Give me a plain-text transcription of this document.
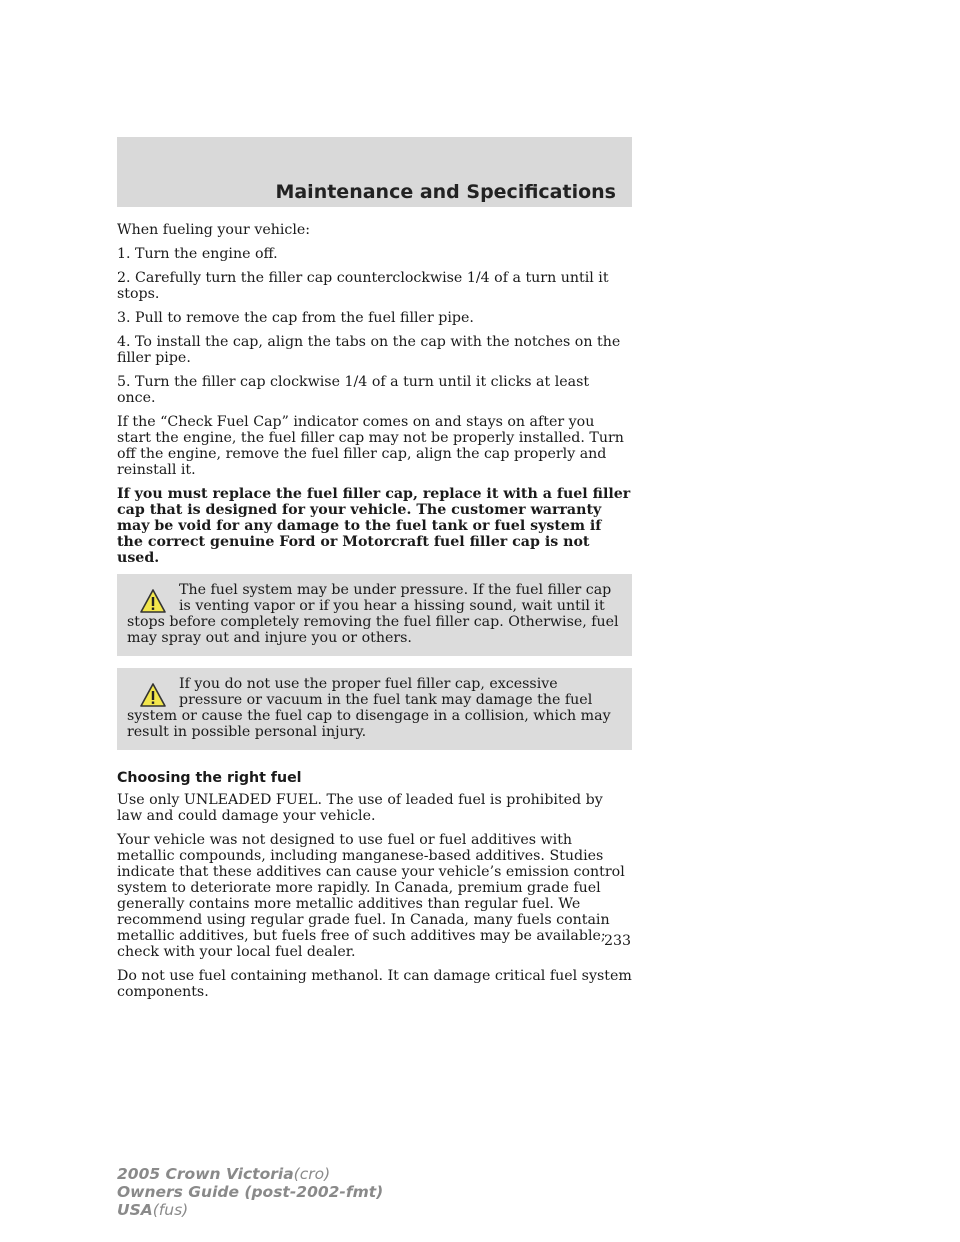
Maintenance and Specifications

When fueling your vehicle:

1. Turn the engine off.

2. Carefully turn the filler cap counterclockwise 1/4 of a turn until it stops.

3. Pull to remove the cap from the fuel filler pipe.

4. To install the cap, align the tabs on the cap with the notches on the filler pipe.

5. Turn the filler cap clockwise 1/4 of a turn until it clicks at least once.

If the “Check Fuel Cap” indicator comes on and stays on after you start the engine, the fuel filler cap may not be properly installed. Turn off the engine, remove the fuel filler cap, align the cap properly and reinstall it.

If you must replace the fuel filler cap, replace it with a fuel filler cap that is designed for your vehicle. The customer warranty may be void for any damage to the fuel tank or fuel system if the correct genuine Ford or Motorcraft fuel filler cap is not used.

The fuel system may be under pressure. If the fuel filler cap is venting vapor or if you hear a hissing sound, wait until it stops before completely removing the fuel filler cap. Otherwise, fuel may spray out and injure you or others.

If you do not use the proper fuel filler cap, excessive pressure or vacuum in the fuel tank may damage the fuel system or cause the fuel cap to disengage in a collision, which may result in possible personal injury.

Choosing the right fuel

Use only UNLEADED FUEL. The use of leaded fuel is prohibited by law and could damage your vehicle.

Your vehicle was not designed to use fuel or fuel additives with metallic compounds, including manganese-based additives. Studies indicate that these additives can cause your vehicle’s emission control system to deteriorate more rapidly. In Canada, premium grade fuel generally contains more metallic additives than regular fuel. We recommend using regular grade fuel. In Canada, many fuels contain metallic additives, but fuels free of such additives may be available; check with your local fuel dealer.

Do not use fuel containing methanol. It can damage critical fuel system components.

233
2005 Crown Victoria(cro)
Owners Guide (post-2002-fmt)
USA(fus)
